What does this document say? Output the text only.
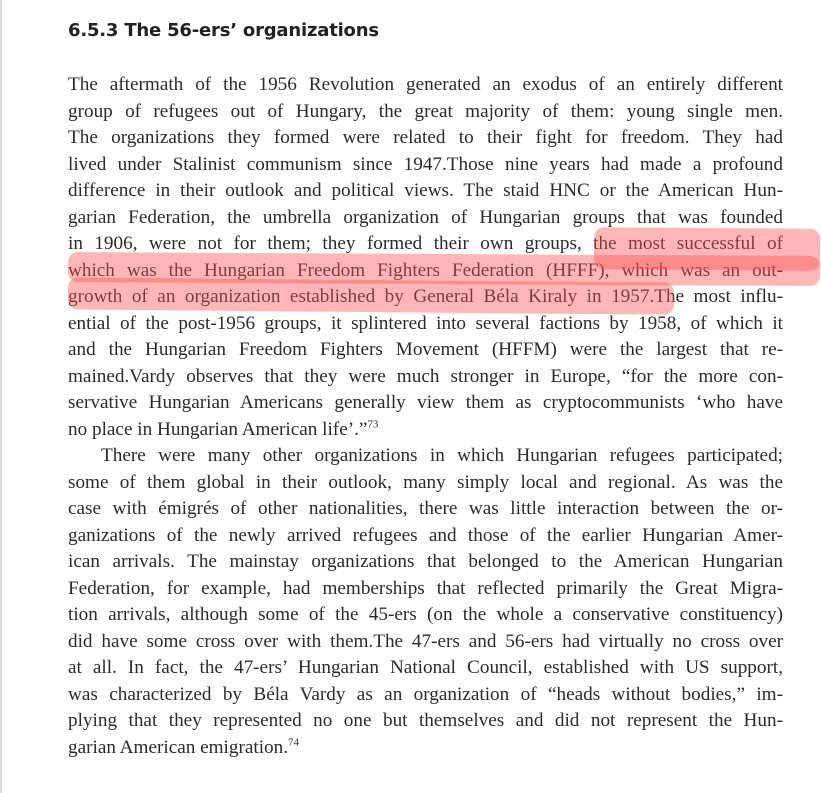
6.5.3 The 56-ers’ organizations
The aftermath of the 1956 Revolution generated an exodus of an entirely different
group of refugees out of Hungary, the great majority of them: young single men.
The organizations they formed were related to their fight for freedom. They had
lived under Stalinist communism since 1947.Those nine years had made a profound
difference in their outlook and political views. The staid HNC or the American Hun-
garian Federation, the umbrella organization of Hungarian groups that was founded
in 1906, were not for them; they formed their own groups, the most successful of
which was the Hungarian Freedom Fighters Federation (HFFF), which was an out-
growth of an organization established by General Béla Kiraly in 1957.The most influ-
ential of the post-1956 groups, it splintered into several factions by 1958, of which it
and the Hungarian Freedom Fighters Movement (HFFM) were the largest that re-
mained.Vardy observes that they were much stronger in Europe, “for the more con-
servative Hungarian Americans generally view them as cryptocommunists ‘who have
no place in Hungarian American life’.”$^{73}$
There were many other organizations in which Hungarian refugees participated;
some of them global in their outlook, many simply local and regional. As was the
case with émigrés of other nationalities, there was little interaction between the or-
ganizations of the newly arrived refugees and those of the earlier Hungarian Amer-
ican arrivals. The mainstay organizations that belonged to the American Hungarian
Federation, for example, had memberships that reflected primarily the Great Migra-
tion arrivals, although some of the 45-ers (on the whole a conservative constituency)
did have some cross over with them.The 47-ers and 56-ers had virtually no cross over
at all. In fact, the 47-ers’ Hungarian National Council, established with US support,
was characterized by Béla Vardy as an organization of “heads without bodies,” im-
plying that they represented no one but themselves and did not represent the Hun-
garian American emigration.$^{74}$
